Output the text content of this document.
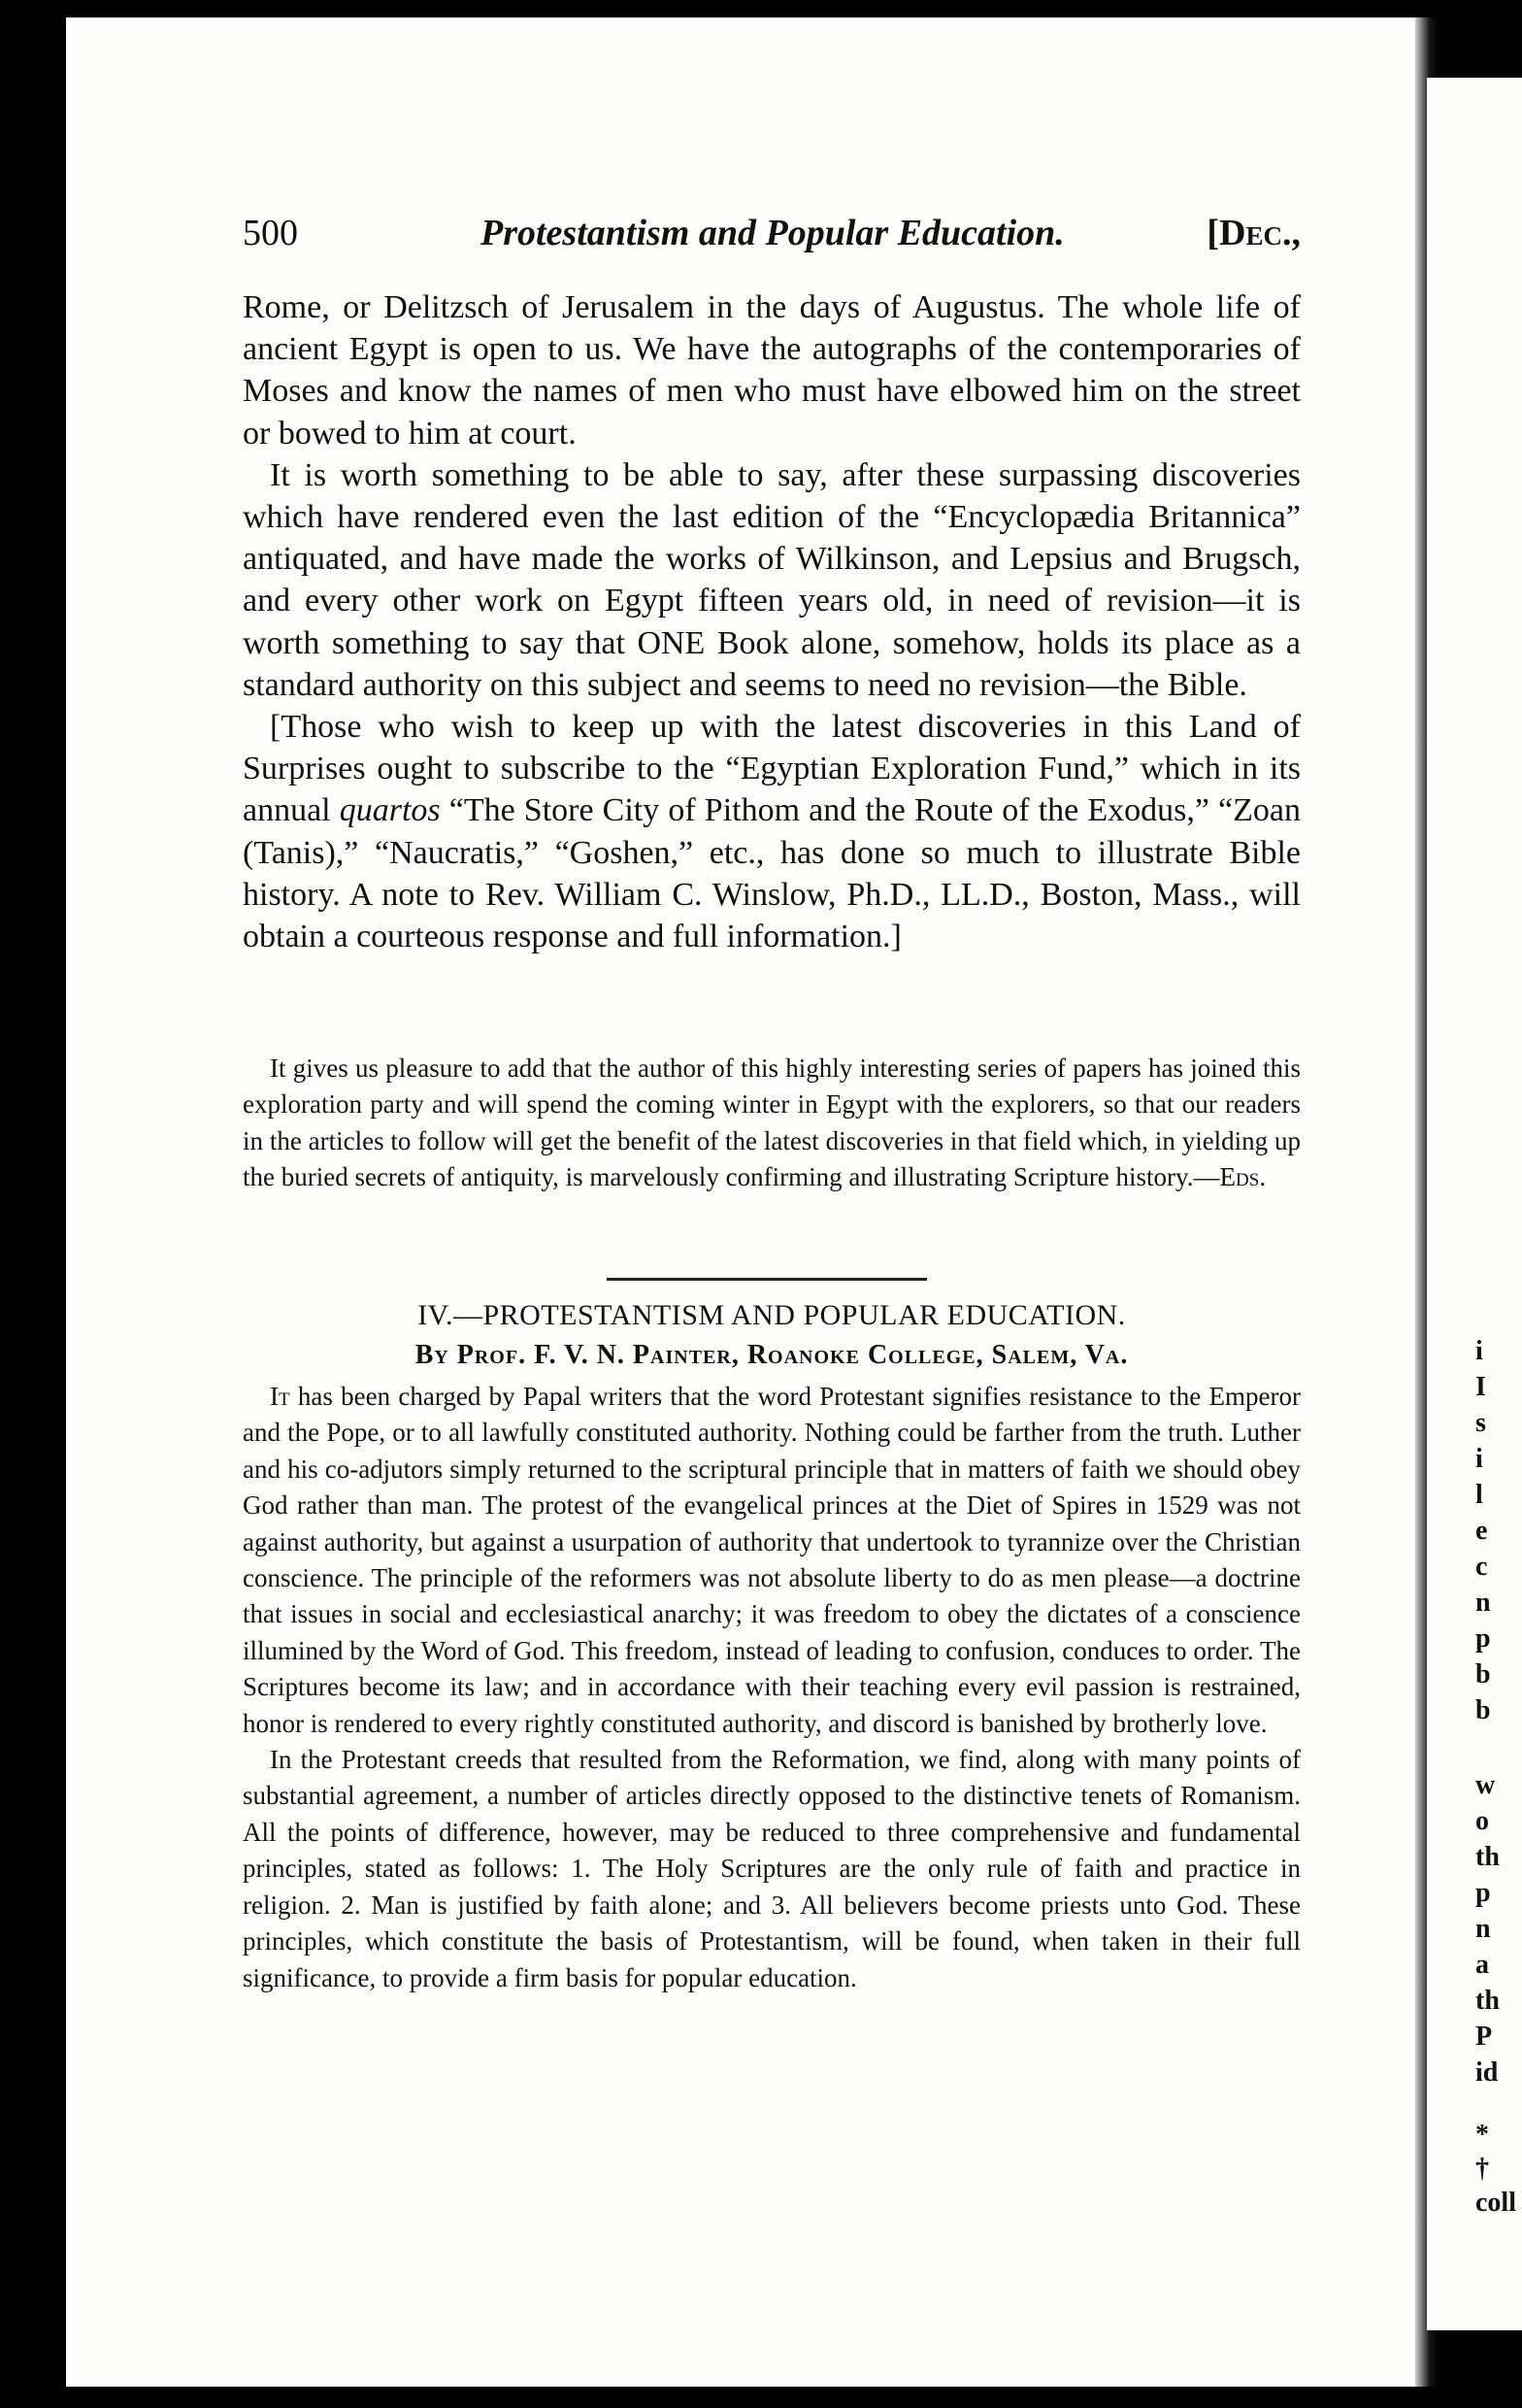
500	Protestantism and Popular Education.	[Dec.,

Rome, or Delitzsch of Jerusalem in the days of Augustus. The whole life of ancient Egypt is open to us. We have the autographs of the contemporaries of Moses and know the names of men who must have elbowed him on the street or bowed to him at court.

It is worth something to be able to say, after these surpassing discoveries which have rendered even the last edition of the “Encyclopædia Britannica” antiquated, and have made the works of Wilkinson, and Lepsius and Brugsch, and every other work on Egypt fifteen years old, in need of revision—it is worth something to say that ONE Book alone, somehow, holds its place as a standard authority on this subject and seems to need no revision—the Bible.

[Those who wish to keep up with the latest discoveries in this Land of Surprises ought to subscribe to the “Egyptian Exploration Fund,” which in its annual quartos “The Store City of Pithom and the Route of the Exodus,” “Zoan (Tanis),” “Naucratis,” “Goshen,” etc., has done so much to illustrate Bible history. A note to Rev. William C. Winslow, Ph.D., LL.D., Boston, Mass., will obtain a courteous response and full information.]

It gives us pleasure to add that the author of this highly interesting series of papers has joined this exploration party and will spend the coming winter in Egypt with the explorers, so that our readers in the articles to follow will get the benefit of the latest discoveries in that field which, in yielding up the buried secrets of antiquity, is marvelously confirming and illustrating Scripture history.—Eds.

IV.—PROTESTANTISM AND POPULAR EDUCATION.
By Prof. F. V. N. Painter, Roanoke College, Salem, Va.

It has been charged by Papal writers that the word Protestant signifies resistance to the Emperor and the Pope, or to all lawfully constituted authority. Nothing could be farther from the truth. Luther and his co-adjutors simply returned to the scriptural principle that in matters of faith we should obey God rather than man. The protest of the evangelical princes at the Diet of Spires in 1529 was not against authority, but against a usurpation of authority that undertook to tyrannize over the Christian conscience. The principle of the reformers was not absolute liberty to do as men please—a doctrine that issues in social and ecclesiastical anarchy; it was freedom to obey the dictates of a conscience illumined by the Word of God. This freedom, instead of leading to confusion, conduces to order. The Scriptures become its law; and in accordance with their teaching every evil passion is restrained, honor is rendered to every rightly constituted authority, and discord is banished by brotherly love.

In the Protestant creeds that resulted from the Reformation, we find, along with many points of substantial agreement, a number of articles directly opposed to the distinctive tenets of Romanism. All the points of difference, however, may be reduced to three comprehensive and fundamental principles, stated as follows: 1. The Holy Scriptures are the only rule of faith and practice in religion. 2. Man is justified by faith alone; and 3. All believers become priests unto God. These principles, which constitute the basis of Protestantism, will be found, when taken in their full significance, to provide a firm basis for popular education.

i
I
s
i
l
e
c
n
p
b
b
w
o
th
p
n
a
th
P
id
*
†
coll
